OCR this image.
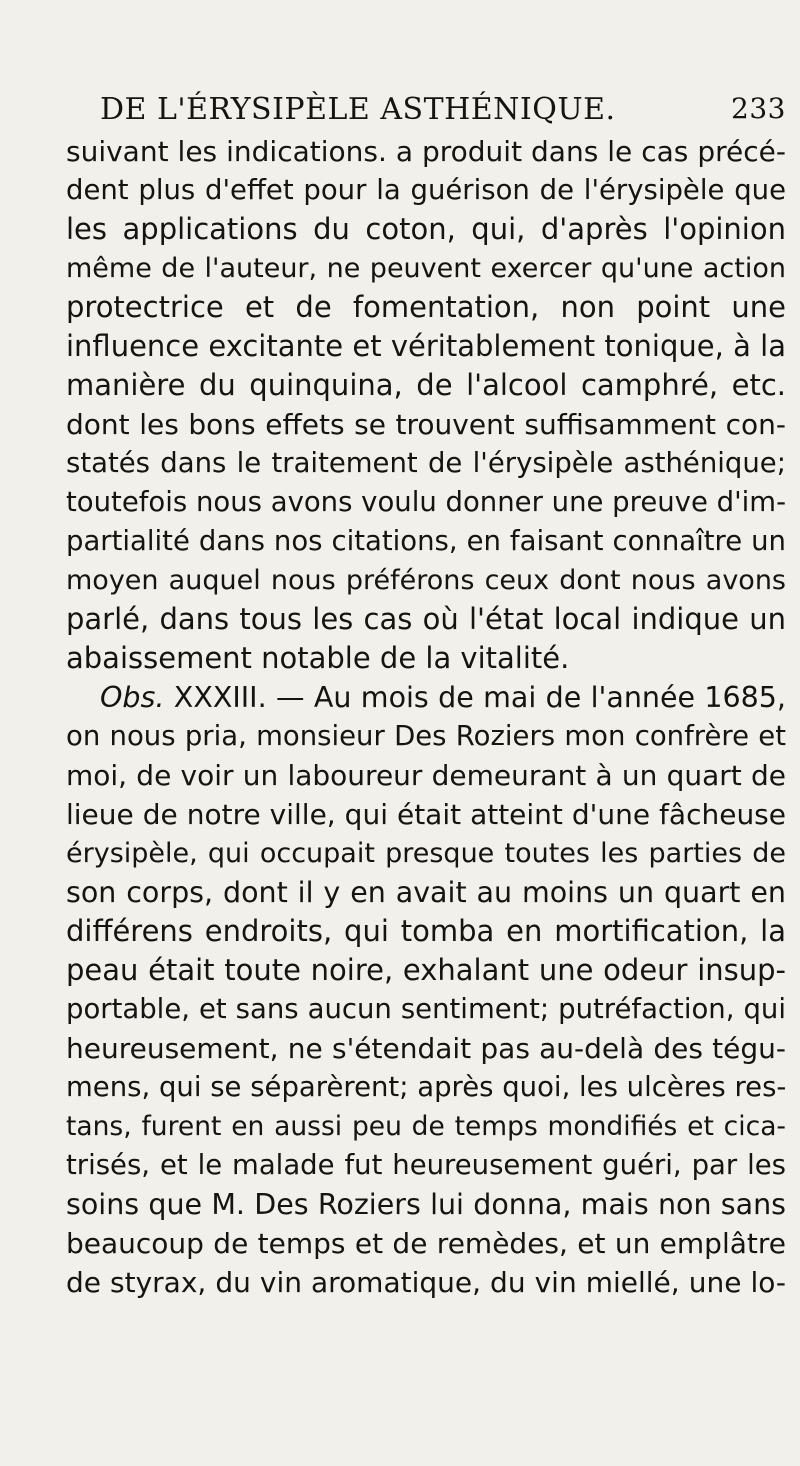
DE L'ÉRYSIPÈLE ASTHÉNIQUE.	233
suivant les indications. a produit dans le cas précé-
dent plus d'effet pour la guérison de l'érysipèle que
les applications du coton, qui, d'après l'opinion
même de l'auteur, ne peuvent exercer qu'une action
protectrice et de fomentation, non point une
influence excitante et véritablement tonique, à la
manière du quinquina, de l'alcool camphré, etc.
dont les bons effets se trouvent suffisamment con-
statés dans le traitement de l'érysipèle asthénique;
toutefois nous avons voulu donner une preuve d'im-
partialité dans nos citations, en faisant connaître un
moyen auquel nous préférons ceux dont nous avons
parlé, dans tous les cas où l'état local indique un
abaissement notable de la vitalité.
Obs. XXXIII. — Au mois de mai de l'année 1685,
on nous pria, monsieur Des Roziers mon confrère et
moi, de voir un laboureur demeurant à un quart de
lieue de notre ville, qui était atteint d'une fâcheuse
érysipèle, qui occupait presque toutes les parties de
son corps, dont il y en avait au moins un quart en
différens endroits, qui tomba en mortification, la
peau était toute noire, exhalant une odeur insup-
portable, et sans aucun sentiment; putréfaction, qui
heureusement, ne s'étendait pas au-delà des tégu-
mens, qui se séparèrent; après quoi, les ulcères res-
tans, furent en aussi peu de temps mondifiés et cica-
trisés, et le malade fut heureusement guéri, par les
soins que M. Des Roziers lui donna, mais non sans
beaucoup de temps et de remèdes, et un emplâtre
de styrax, du vin aromatique, du vin miellé, une lo-
